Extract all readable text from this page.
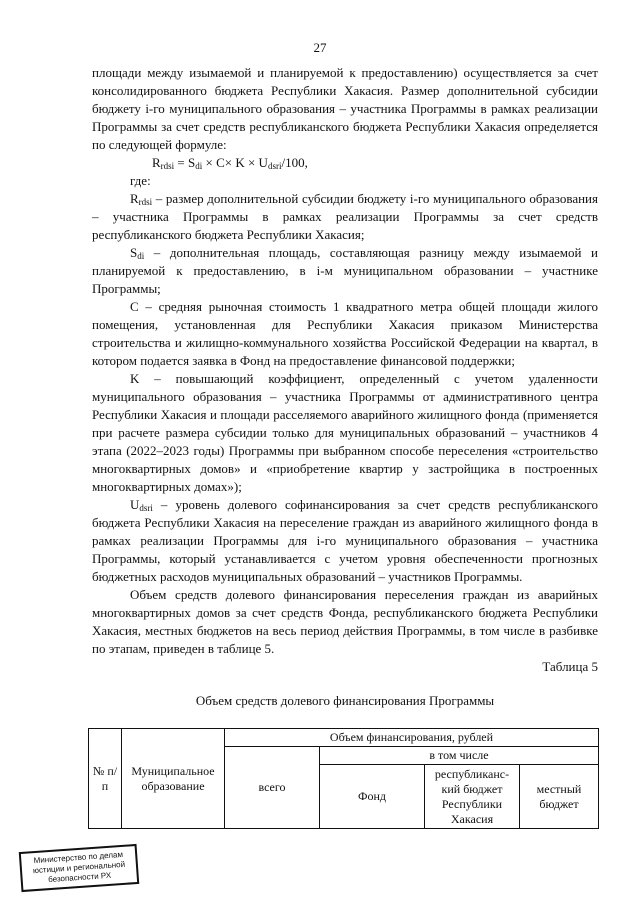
27

площади между изымаемой и планируемой к предоставлению) осуществляется за счет консолидированного бюджета Республики Хакасия. Размер дополнительной субсидии бюджету i-го муниципального образования – участника Программы в рамках реализации Программы за счет средств республиканского бюджета Республики Хакасия определяется по следующей формуле:

$R_{rdsi} = S_{di} \times C\times K \times U_{dsri}/100$,

где:

$R_{rdsi}$ – размер дополнительной субсидии бюджету i-го муниципального образования – участника Программы в рамках реализации Программы за счет средств республиканского бюджета Республики Хакасия;

$S_{di}$ – дополнительная площадь, составляющая разницу между изымаемой и планируемой к предоставлению, в i-м муниципальном образовании – участнике Программы;

C – средняя рыночная стоимость 1 квадратного метра общей площади жилого помещения, установленная для Республики Хакасия приказом Министерства строительства и жилищно-коммунального хозяйства Российской Федерации на квартал, в котором подается заявка в Фонд на предоставление финансовой поддержки;

K – повышающий коэффициент, определенный с учетом удаленности муниципального образования – участника Программы от административного центра Республики Хакасия и площади расселяемого аварийного жилищного фонда (применяется при расчете размера субсидии только для муниципальных образований – участников 4 этапа (2022–2023 годы) Программы при выбранном способе переселения «строительство многоквартирных домов» и «приобретение квартир у застройщика в построенных многоквартирных домах»);

$U_{dsri}$ – уровень долевого софинансирования за счет средств республиканского бюджета Республики Хакасия на переселение граждан из аварийного жилищного фонда в рамках реализации Программы для i-го муниципального образования – участника Программы, который устанавливается с учетом уровня обеспеченности прогнозных бюджетных расходов муниципальных образований – участников Программы.

Объем средств долевого финансирования переселения граждан из аварийных многоквартирных домов за счет средств Фонда, республиканского бюджета Республики Хакасия, местных бюджетов на весь период действия Программы, в том числе в разбивке по этапам, приведен в таблице 5.

Таблица 5

Объем средств долевого финансирования Программы

№ п/п	Муниципальное образование	Объем финансирования, рублей			
		всего	в том числе		
			Фонд	республиканс-кий бюджет Республики Хакасия	местный бюджет
Министерство по делам юстиции и региональной безопасности РХ
